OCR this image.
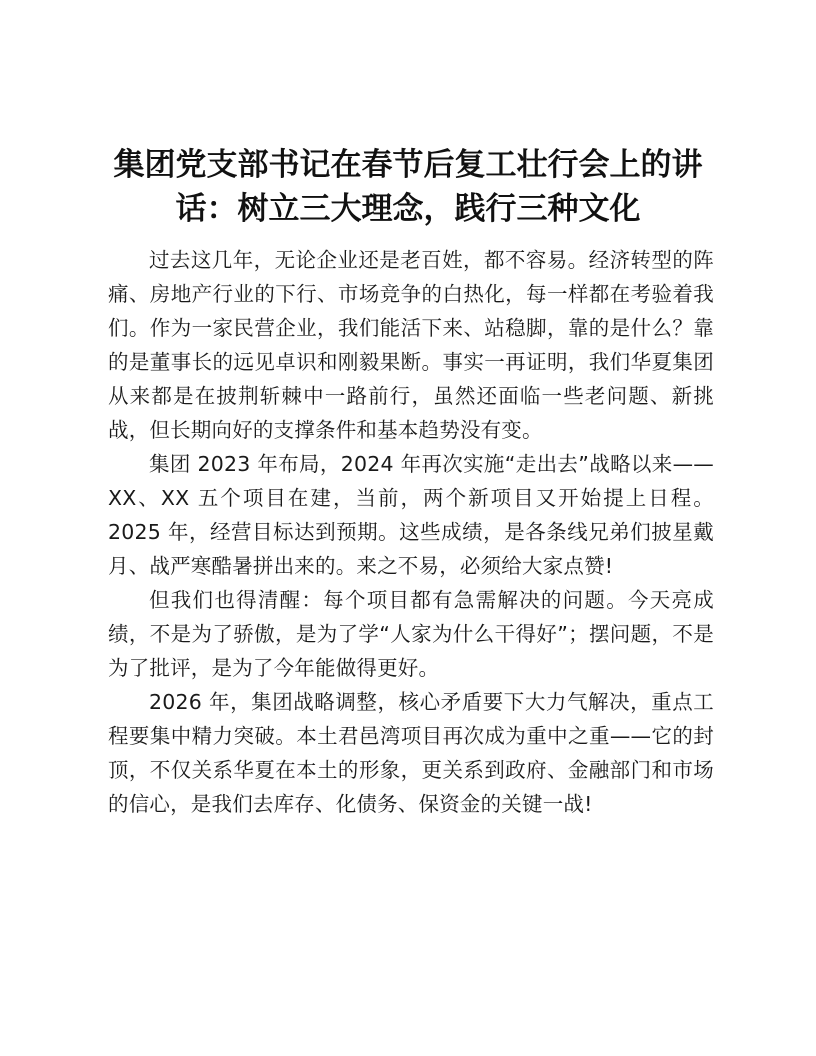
集团党支部书记在春节后复工壮行会上的讲
话：树立三大理念，践行三种文化

过去这几年，无论企业还是老百姓，都不容易。经济转型的阵痛、房地产行业的下行、市场竞争的白热化，每一样都在考验着我们。作为一家民营企业，我们能活下来、站稳脚，靠的是什么？靠的是董事长的远见卓识和刚毅果断。事实一再证明，我们华夏集团从来都是在披荆斩棘中一路前行，虽然还面临一些老问题、新挑战，但长期向好的支撑条件和基本趋势没有变。

集团 2023 年布局，2024 年再次实施“走出去”战略以来——XX、XX 五个项目在建，当前，两个新项目又开始提上日程。2025 年，经营目标达到预期。这些成绩，是各条线兄弟们披星戴月、战严寒酷暑拼出来的。来之不易，必须给大家点赞!

但我们也得清醒：每个项目都有急需解决的问题。今天亮成绩，不是为了骄傲，是为了学“人家为什么干得好”；摆问题，不是为了批评，是为了今年能做得更好。

2026 年，集团战略调整，核心矛盾要下大力气解决，重点工程要集中精力突破。本土君邑湾项目再次成为重中之重——它的封顶，不仅关系华夏在本土的形象，更关系到政府、金融部门和市场的信心，是我们去库存、化债务、保资金的关键一战!
